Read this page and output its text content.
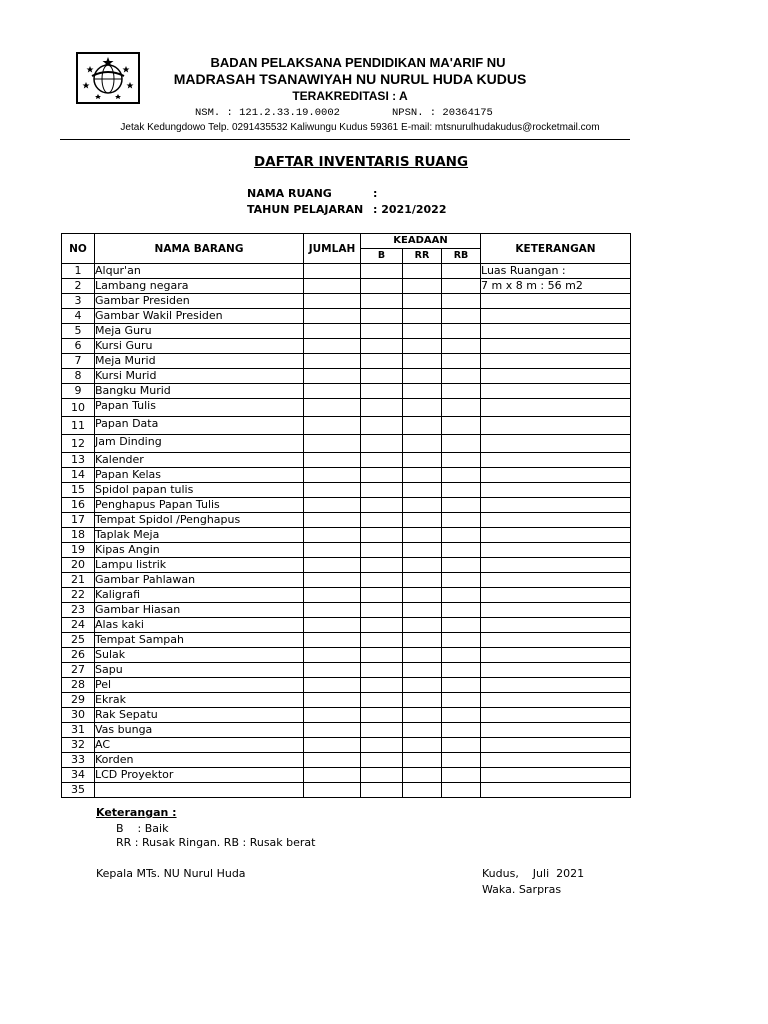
BADAN PELAKSANA PENDIDIKAN MA'ARIF NU
MADRASAH TSANAWIYAH NU NURUL HUDA KUDUS
TERAKREDITASI : A
NSM. : 121.2.33.19.0002	NPSN. : 20364175
Jetak Kedungdowo Telp. 0291435532 Kaliwungu Kudus 59361 E-mail: mtsnurulhudakudus@rocketmail.com
DAFTAR INVENTARIS RUANG
NAMA RUANG	:
TAHUN PELAJARAN : 2021/2022
NO	NAMA BARANG	JUMLAH	KEADAAN			KETERANGAN
			B	RR	RB	
1	Alqur'an					Luas Ruangan :
2	Lambang negara					7 m x 8 m : 56 m2
3	Gambar Presiden					
4	Gambar Wakil Presiden					
5	Meja Guru					
6	Kursi Guru					
7	Meja Murid					
8	Kursi Murid					
9	Bangku Murid					
10	Papan Tulis					
11	Papan Data					
12	Jam Dinding					
13	Kalender					
14	Papan Kelas					
15	Spidol papan tulis					
16	Penghapus Papan Tulis					
17	Tempat Spidol /Penghapus					
18	Taplak Meja					
19	Kipas Angin					
20	Lampu listrik					
21	Gambar Pahlawan					
22	Kaligrafi					
23	Gambar Hiasan					
24	Alas kaki					
25	Tempat Sampah					
26	Sulak					
27	Sapu					
28	Pel					
29	Ekrak					
30	Rak Sepatu					
31	Vas bunga					
32	AC					
33	Korden					
34	LCD Proyektor					
35						
Keterangan :
B    : Baik
RR : Rusak Ringan. RB : Rusak berat
Kepala MTs. NU Nurul Huda	Kudus,    Juli  2021
Waka. Sarpras
